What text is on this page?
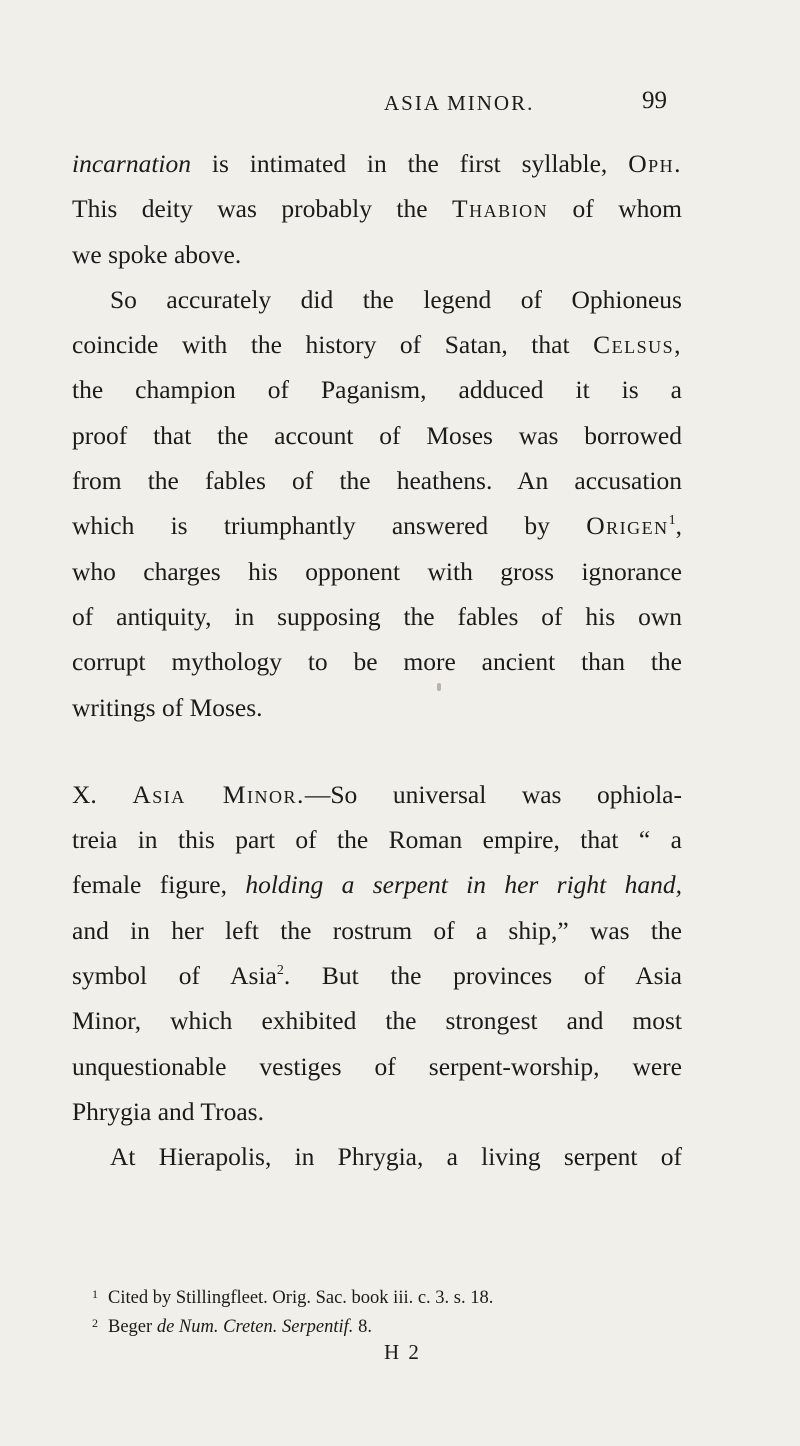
ASIA MINOR.	99
incarnation is intimated in the first syllable, Oph.
This deity was probably the Thabion of whom
we spoke above.
So accurately did the legend of Ophioneus
coincide with the history of Satan, that Celsus,
the champion of Paganism, adduced it is a
proof that the account of Moses was borrowed
from the fables of the heathens. An accusation
which is triumphantly answered by Origen$^1$,
who charges his opponent with gross ignorance
of antiquity, in supposing the fables of his own
corrupt mythology to be more ancient than the
writings of Moses.
X. Asia Minor.—So universal was ophiola-
treia in this part of the Roman empire, that “ a
female figure, holding a serpent in her right hand,
and in her left the rostrum of a ship,” was the
symbol of Asia$^2$. But the provinces of Asia
Minor, which exhibited the strongest and most
unquestionable vestiges of serpent-worship, were
Phrygia and Troas.
At Hierapolis, in Phrygia, a living serpent of
1 Cited by Stillingfleet. Orig. Sac. book iii. c. 3. s. 18.
2 Beger de Num. Creten. Serpentif. 8.
H 2
